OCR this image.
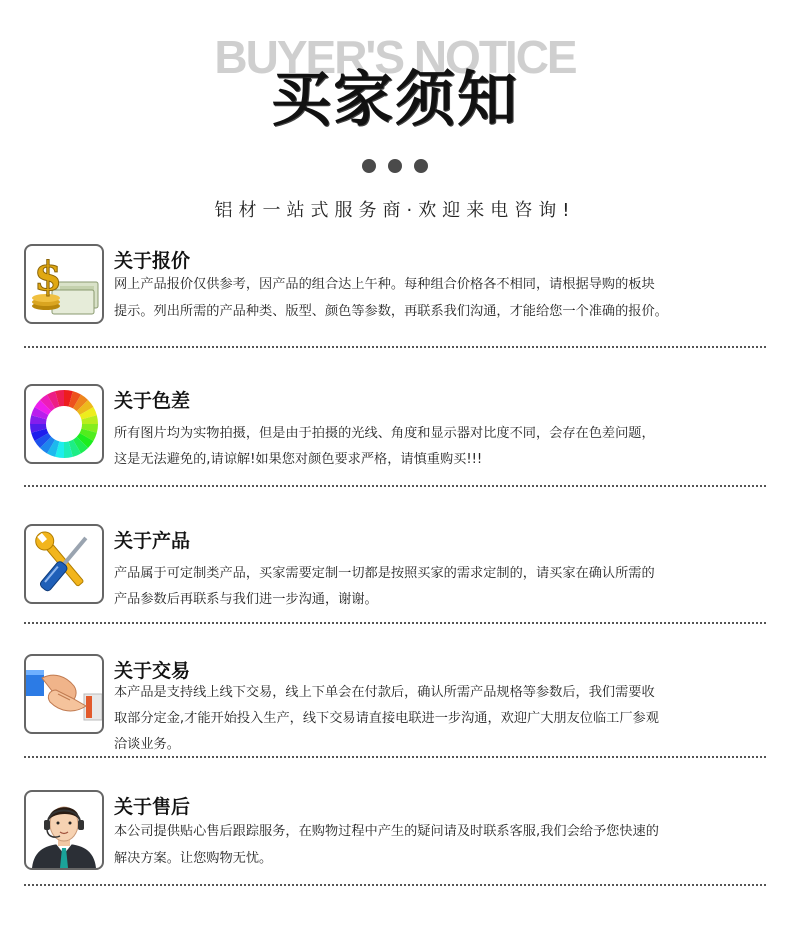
BUYER'S NOTICE
买家须知
铝材一站式服务商·欢迎来电咨询!
$	关于报价
网上产品报价仅供参考，因产品的组合达上午种。每种组合价格各不相同，请根据导购的板块
提示。列出所需的产品种类、版型、颜色等参数，再联系我们沟通，才能给您一个准确的报价。
关于色差
所有图片均为实物拍摄，但是由于拍摄的光线、角度和显示器对比度不同，会存在色差问题，
这是无法避免的,请谅解!如果您对颜色要求严格，请慎重购买!!!
关于产品
产品属于可定制类产品，买家需要定制一切都是按照买家的需求定制的，请买家在确认所需的
产品参数后再联系与我们进一步沟通，谢谢。
关于交易
本产品是支持线上线下交易，线上下单会在付款后，确认所需产品规格等参数后，我们需要收
取部分定金,才能开始投入生产，线下交易请直接电联进一步沟通，欢迎广大朋友位临工厂参观
洽谈业务。
关于售后
本公司提供贴心售后跟踪服务，在购物过程中产生的疑问请及时联系客服,我们会给予您快速的
解决方案。让您购物无忧。
